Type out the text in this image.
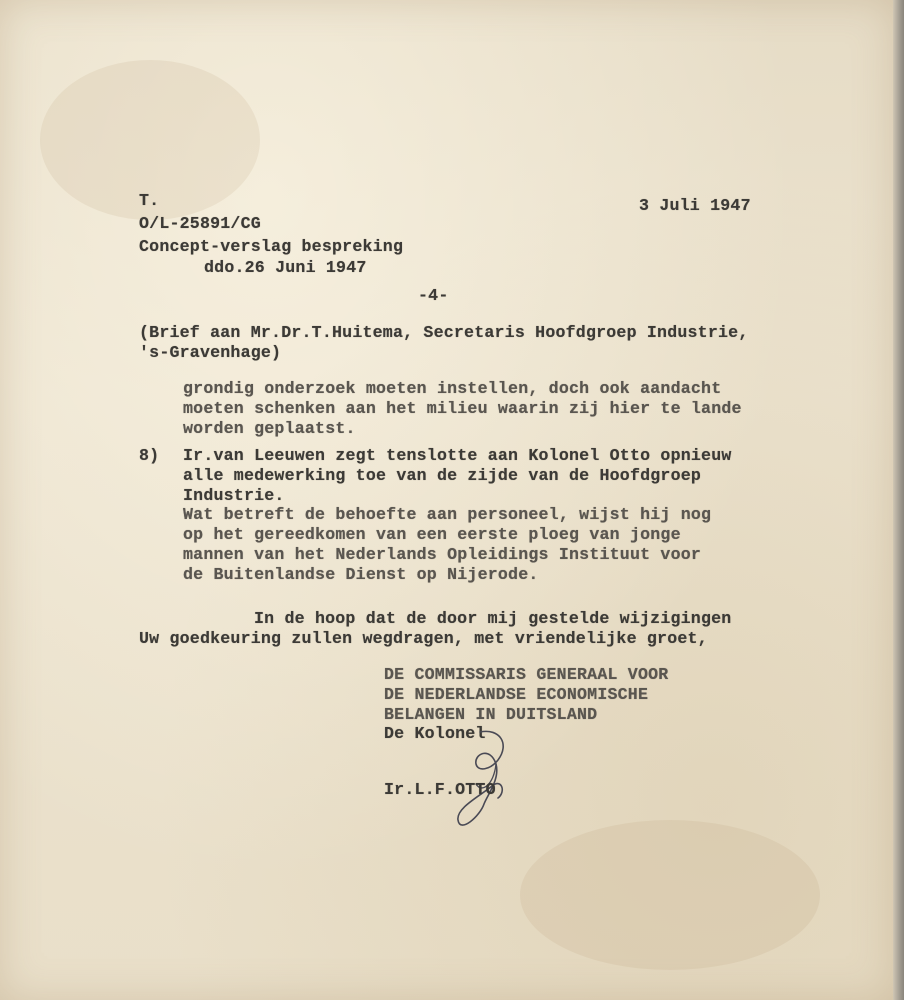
T.
O/L-25891/CG
Concept-verslag bespreking
ddo.26 Juni 1947
3 Juli 1947
-4-
(Brief aan Mr.Dr.T.Huitema, Secretaris Hoofdgroep Industrie,
's-Gravenhage)
grondig onderzoek moeten instellen, doch ook aandacht
moeten schenken aan het milieu waarin zij hier te lande
worden geplaatst.
8) Ir.van Leeuwen zegt tenslotte aan Kolonel Otto opnieuw
alle medewerking toe van de zijde van de Hoofdgroep
Industrie.
Wat betreft de behoefte aan personeel, wijst hij nog
op het gereedkomen van een eerste ploeg van jonge
mannen van het Nederlands Opleidings Instituut voor
de Buitenlandse Dienst op Nijerode.
In de hoop dat de door mij gestelde wijzigingen
Uw goedkeuring zullen wegdragen, met vriendelijke groet,
DE COMMISSARIS GENERAAL VOOR
DE NEDERLANDSE ECONOMISCHE
BELANGEN IN DUITSLAND
De Kolonel
Ir.L.F.OTTO
